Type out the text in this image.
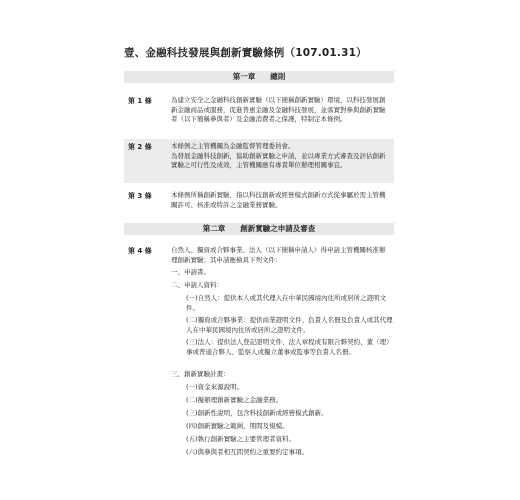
壹、金融科技發展與創新實驗條例（107.01.31）
第一章　　總則
第 1 條	為建立安全之金融科技創新實驗（以下簡稱創新實驗）環境，以科技發展創新金融商品或服務，促進普惠金融及金融科技發展，並落實對參與創新實驗者（以下簡稱參與者）及金融消費者之保護，特制定本條例。

第 2 條	本條例之主管機關為金融監督管理委員會。

為發展金融科技創新，協助創新實驗之申請，並以專業方式審查及評估創新實驗之可行性及成效，主管機關應有專責單位辦理相關事宜。

第 3 條	本條例所稱創新實驗，指以科技創新或經營模式創新方式從事屬於需主管機關許可、核准或特許之金融業務實驗。

第二章　　創新實驗之申請及審查
第 4 條	自然人、獨資或合夥事業、法人（以下簡稱申請人）得申請主管機關核准辦理創新實驗；其申請應檢具下列文件：

一、申請書。
二、申請人資料：
(一)自然人：提供本人或其代理人在中華民國境內住所或居所之證明文件。
(二)獨資或合夥事業：提供商業證明文件、負責人名冊及負責人或其代理人在中華民國境內住所或居所之證明文件。
(三)法人：提供法人登記證明文件、法人章程或有限合夥契約、董（理）事或普通合夥人、監察人或獨立董事或監事等負責人名冊。
三、創新實驗計畫：
(一)資金來源說明。
(二)擬辦理創新實驗之金融業務。
(三)創新性說明，包含科技創新或經營模式創新。
(四)創新實驗之範圍、期間及規模。
(五)執行創新實驗之主要管理者資料。
(六)與參與者相互間契約之重要約定事項。
